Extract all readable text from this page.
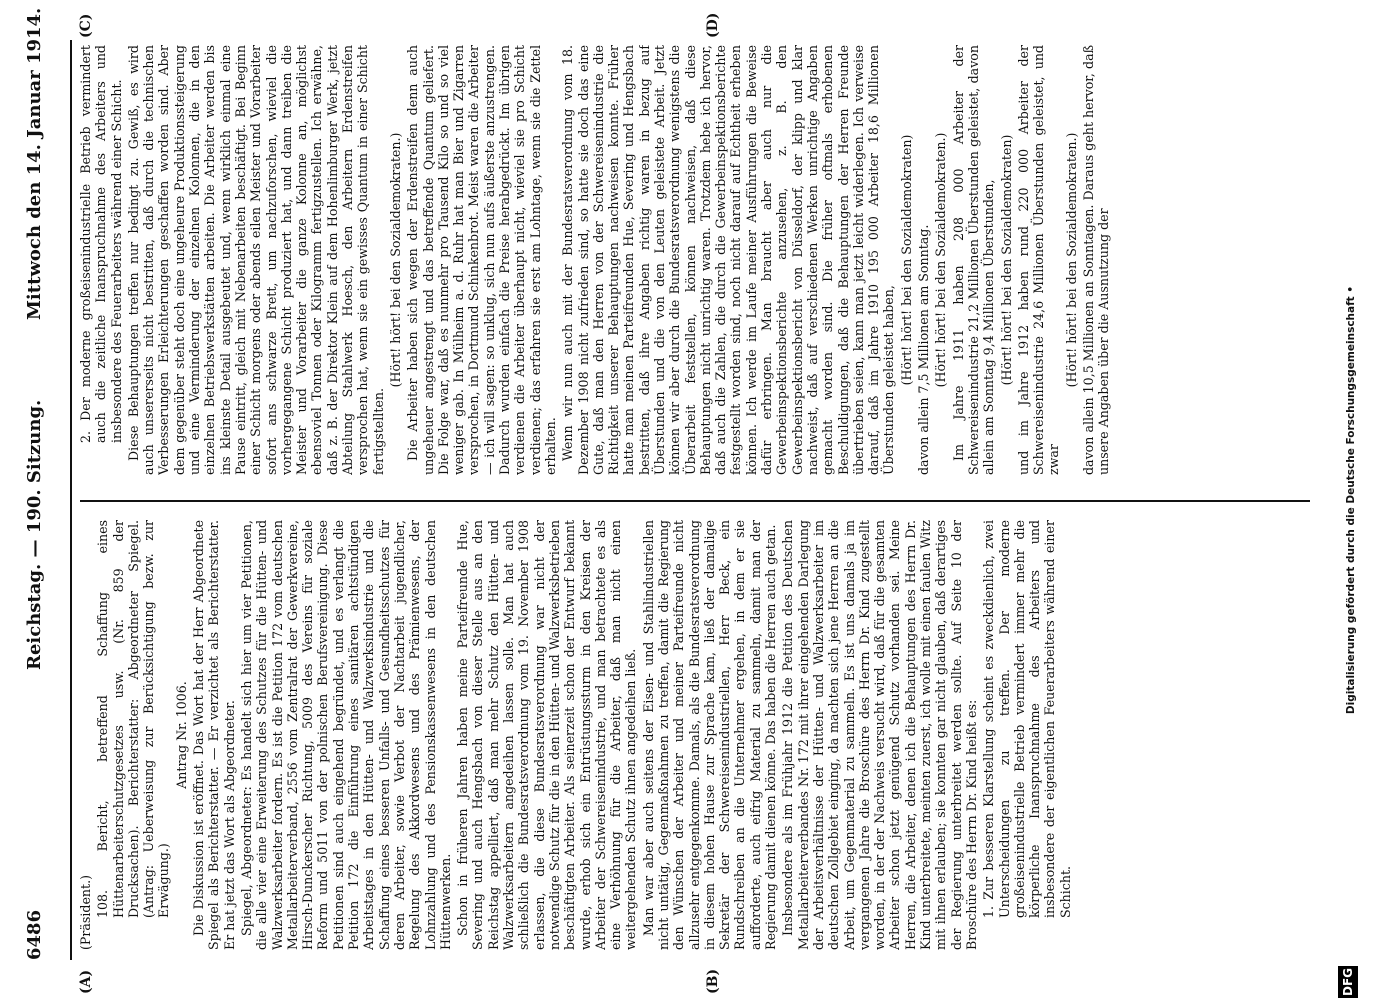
6486
Reichstag. — 190. Sitzung.
Mittwoch den 14. Januar 1914.
(A)	(B)
(C)	(D)

(Präsident.) 108. Bericht, betreffend Schaffung eines Hüttenarbeiterschutzgesetzes usw. (Nr. 859 der Drucksachen). Berichterstatter: Abgeordneter Spiegel. (Antrag: Ueberweisung zur Berücksichtigung bezw. zur Erwägung.)

Antrag Nr. 1006. Die Diskussion ist eröffnet. Das Wort hat der Herr Abgeordnete Spiegel als Berichterstatter. — Er verzichtet als Berichterstatter. Er hat jetzt das Wort als Abgeordneter. Spiegel, Abgeordneter: Es handelt sich hier um vier Petitionen, die alle vier eine Erweiterung des Schutzes für die Hütten- und Walzwerksarbeiter fordern. Es ist die Petition 172 vom deutschen Metallarbeiterverband, 2556 vom Zentralrat der Gewerkvereine, Hirsch-Dunckerscher Richtung, 5009 des Vereins für soziale Reform und 5011 von der polnischen Berufsvereinigung. Diese Petitionen sind auch eingehend begründet, und es verlangt die Petition 172 die Einführung eines sanitären achtstündigen Arbeitstages in den Hütten- und Walzwerksindustrie und die Schaffung eines besseren Unfalls- und Gesundheitsschutzes für deren Arbeiter, sowie Verbot der Nachtarbeit jugendlicher, Regelung des Akkordwesens und des Prämienwesens, der Lohnzahlung und des Pensionskassenwesens in den deutschen Hüttenwerken. Schon in früheren Jahren haben meine Parteifreunde Hue, Severing und auch Hengsbach von dieser Stelle aus an den Reichstag appelliert, daß man mehr Schutz den Hütten- und Walzwerksarbeitern angedeihen lassen solle. Man hat auch schließlich die Bundesratsverordnung vom 19. November 1908 erlassen, die diese Bundesratsverordnung war nicht der notwendige Schutz für die in den Hütten- und Walzwerksbetrieben beschäftigten Arbeiter. Als seinerzeit schon der Entwurf bekannt wurde, erhob sich ein Entrüstungssturm in den Kreisen der Arbeiter der Schwereisenindustrie, und man betrachtete es als eine Verhöhnung für die Arbeiter, daß man nicht einen weitergehenden Schutz ihnen angedeihen ließ. Man war aber auch seitens der Eisen- und Stahlindustriellen nicht untätig, Gegenmaßnahmen zu treffen, damit die Regierung den Wünschen der Arbeiter und meiner Parteifreunde nicht allzusehr entgegenkomme. Damals, als die Bundesratsverordnung in diesem hohen Hause zur Sprache kam, ließ der damalige Sekretär der Schwereisenindustriellen, Herr Beck, ein Rundschreiben an die Unternehmer ergehen, in dem er sie aufforderte, auch eifrig Material zu sammeln, damit man der Regierung damit dienen könne. Das haben die Herren auch getan. Insbesondere als im Frühjahr 1912 die Petition des Deutschen Metallarbeiterverbandes Nr. 172 mit ihrer eingehenden Darlegung der Arbeitsverhältnisse der Hütten- und Walzwerksarbeiter im deutschen Zollgebiet einging, da machten sich jene Herren an die Arbeit, um Gegenmaterial zu sammeln. Es ist uns damals ja im vergangenen Jahre die Broschüre des Herrn Dr. Kind zugestellt worden, in der der Nachweis versucht wird, daß für die gesamten Arbeiter schon jetzt genügend Schutz vorhanden sei. Meine Herren, die Arbeiter, denen ich die Behauptungen des Herrn Dr. Kind unterbreitete, meinten zuerst, ich wolle mit einen faulen Witz mit ihnen erlauben; sie konnten gar nicht glauben, daß derartiges der Regierung unterbreitet werden sollte. Auf Seite 10 der Broschüre des Herrn Dr. Kind heißt es: 1. Zur besseren Klarstellung scheint es zweckdienlich, zwei Unterscheidungen zu treffen. Der moderne großeisenindustrielle Betrieb vermindert immer mehr die körperliche Inanspruchnahme des Arbeiters und insbesondere der eigentlichen Feuerarbeiters während einer Schicht.

2. Der moderne großeisenindustrielle Betrieb vermindert auch die zeitliche Inanspruchnahme des Arbeiters und insbesondere des Feuerarbeiters während einer Schicht. Diese Behauptungen treffen nur bedingt zu. Gewiß, es wird auch unsererseits nicht bestritten, daß durch die technischen Verbesserungen Erleichterungen geschaffen worden sind. Aber dem gegenüber steht doch eine ungeheure Produktionssteigerung und eine Verminderung der einzelnen Kolonnen, die in den einzelnen Betriebswerkstätten arbeiten. Die Arbeiter werden bis ins kleinste Detail ausgebeutet und, wenn wirklich einmal eine Pause eintritt, gleich mit Nebenarbeiten beschäftigt. Bei Beginn einer Schicht morgens oder abends eilen Meister und Vorarbeiter sofort ans schwarze Brett, um nachzuforschen, wieviel die vorhergegangene Schicht produziert hat, und dann treiben die Meister und Vorarbeiter die ganze Kolonne an, möglichst ebensoviel Tonnen oder Kilogramm fertigzustellen. Ich erwähne, daß z. B. der Direktor Klein auf dem Hohenlimburger Werk, jetzt Abteilung Stahlwerk Hoesch, den Arbeitern Erdenstreifen versprochen hat, wenn sie ein gewisses Quantum in einer Schicht fertigstellten.

(Hört! hört! bei den Sozialdemokraten.) Die Arbeiter haben sich wegen der Erdenstreifen denn auch ungeheuer angestrengt und das betreffende Quantum geliefert. Die Folge war, daß es nunmehr pro Tausend Kilo so und so viel weniger gab. In Mülheim a. d. Ruhr hat man Bier und Zigarren versprochen, in Dortmund Schinkenbrot. Meist waren die Arbeiter — ich will sagen: so unklug, sich nun aufs äußerste anzustrengen. Dadurch wurden einfach die Preise herabgedrückt. Im übrigen verdienen die Arbeiter überhaupt nicht, wieviel sie pro Schicht verdienen; das erfahren sie erst am Lohntage, wenn sie die Zettel erhalten. Wenn wir nun auch mit der Bundesratsverordnung vom 18. Dezember 1908 nicht zufrieden sind, so hatte sie doch das eine Gute, daß man den Herren von der Schwereisenindustrie die Richtigkeit unserer Behauptungen nachweisen konnte. Früher hatte man meinen Parteifreunden Hue, Severing und Hengsbach bestritten, daß ihre Angaben richtig waren in bezug auf Überstunden und die von den Leuten geleistete Arbeit. Jetzt können wir aber durch die Bundesratsverordnung wenigstens die Überarbeit feststellen, können nachweisen, daß diese Behauptungen nicht unrichtig waren. Trotzdem hebe ich hervor, daß auch die Zahlen, die durch die Gewerbeinspektionsberichte festgestellt worden sind, noch nicht darauf auf Echtheit erheben können. Ich werde im Laufe meiner Ausführungen die Beweise dafür erbringen. Man braucht aber auch nur die Gewerbeinspektionsberichte anzusehen, z. B. den Gewerbeinspektionsbericht von Düsseldorf, der klipp und klar nachweist, daß auf verschiedenen Werken unrichtige Angaben gemacht worden sind. Die früher oftmals erhobenen Beschuldigungen, daß die Behauptungen der Herren Freunde übertrieben seien, kann man jetzt leicht widerlegen. Ich verweise darauf, daß im Jahre 1910 195 000 Arbeiter 18,6 Millionen Überstunden geleistet haben, (Hört! hört! bei den Sozialdemokraten) davon allein 7,5 Millionen am Sonntag. (Hört! hört! bei den Sozialdemokraten.) Im Jahre 1911 haben 208 000 Arbeiter der Schwereisenindustrie 21,2 Millionen Überstunden geleistet, davon allein am Sonntag 9,4 Millionen Überstunden, (Hört! hört! bei den Sozialdemokraten) und im Jahre 1912 haben rund 220 000 Arbeiter der Schwereisenindustrie 24,6 Millionen Überstunden geleistet, und zwar

(Hört! hört! bei den Sozialdemokraten.) davon allein 10,5 Millionen an Sonntagen. Daraus geht hervor, daß unsere Angaben über die Ausnutzung der	Digitalisierung gefördert durch die Deutsche Forschungsgemeinschaft •
DFG
